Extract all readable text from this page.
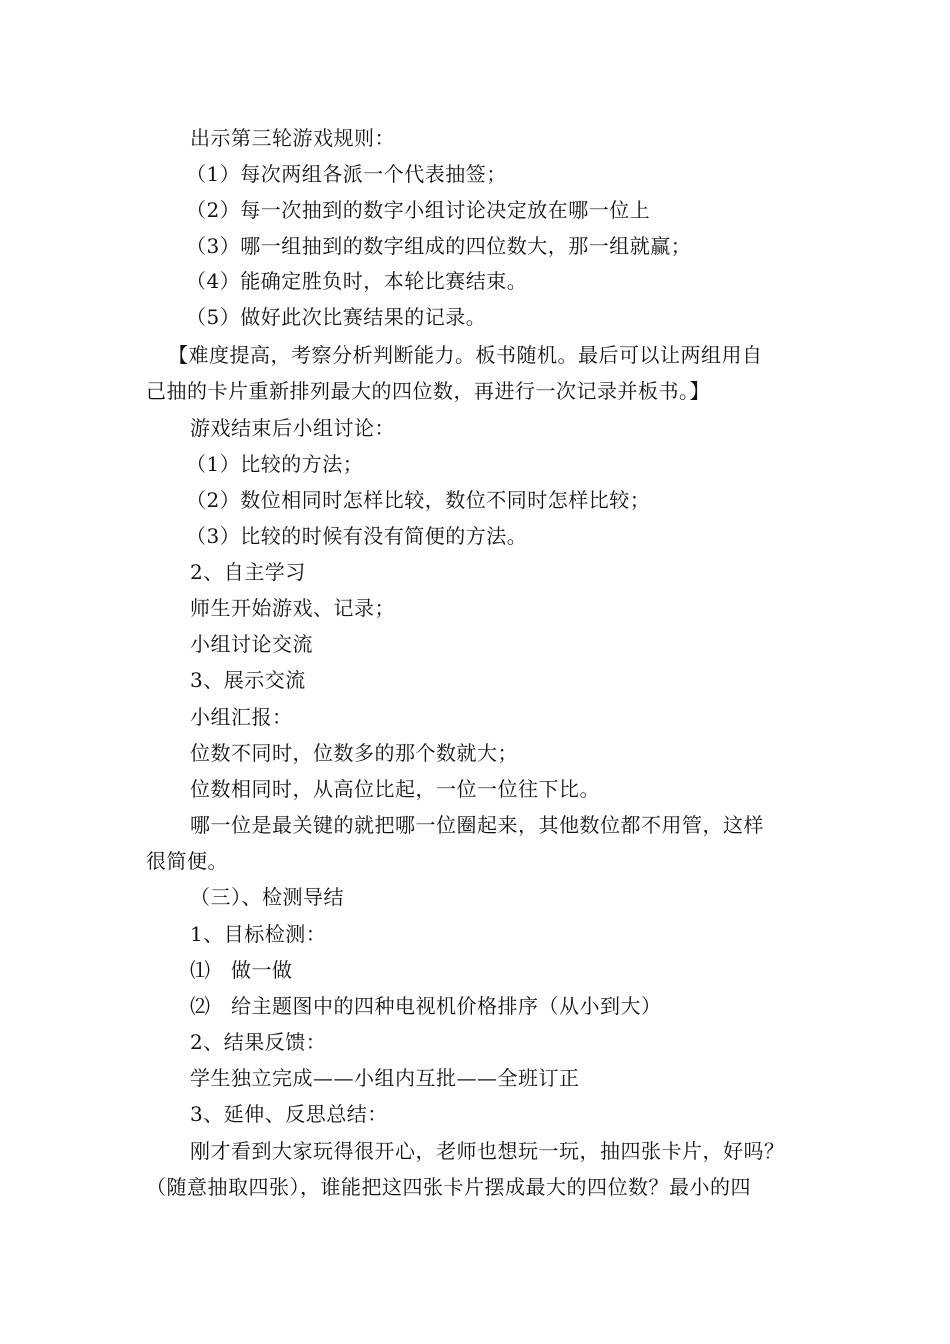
出示第三轮游戏规则：
（1）每次两组各派一个代表抽签；
（2）每一次抽到的数字小组讨论决定放在哪一位上
（3）哪一组抽到的数字组成的四位数大，那一组就赢；
（4）能确定胜负时，本轮比赛结束。
（5）做好此次比赛结果的记录。
【难度提高，考察分析判断能力。板书随机。最后可以让两组用自
己抽的卡片重新排列最大的四位数，再进行一次记录并板书。】
游戏结束后小组讨论：
（1）比较的方法；
（2）数位相同时怎样比较，数位不同时怎样比较；
（3）比较的时候有没有简便的方法。
2、自主学习
师生开始游戏、记录；
小组讨论交流
3、展示交流
小组汇报：
位数不同时，位数多的那个数就大；
位数相同时，从高位比起，一位一位往下比。
哪一位是最关键的就把哪一位圈起来，其他数位都不用管，这样
很简便。
（三）、检测导结
1、目标检测：
⑴　做一做
⑵　给主题图中的四种电视机价格排序（从小到大）
2、结果反馈：
学生独立完成——小组内互批——全班订正
3、延伸、反思总结：
刚才看到大家玩得很开心，老师也想玩一玩，抽四张卡片，好吗？
（随意抽取四张），谁能把这四张卡片摆成最大的四位数？最小的四
